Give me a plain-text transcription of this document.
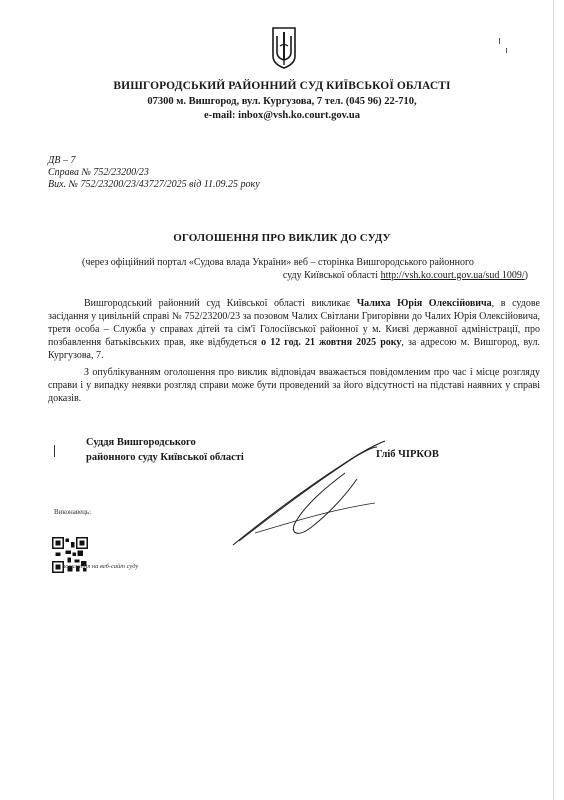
ВИШГОРОДСЬКИЙ РАЙОННИЙ СУД КИЇВСЬКОЇ ОБЛАСТІ
07300 м. Вишгород, вул. Кургузова, 7 тел. (045 96) 22-710,
e-mail: inbox@vsh.ko.court.gov.ua
ДВ – 7
Справа № 752/23200/23
Вих. № 752/23200/23/43727/2025 від 11.09.25 року
ОГОЛОШЕННЯ ПРО ВИКЛИК ДО СУДУ
(через офіційний портал «Судова влада України» веб – сторінка Вишгородського районного
суду Київської області http://vsh.ko.court.gov.ua/sud 1009/)
Вишгородський районний суд Київської області викликає Чалиха Юрія Олексійовича, в судове засідання у цивільній справі № 752/23200/23 за позовом Чалих Світлани Григорівни до Чалих Юрія Олексійовича, третя особа – Служба у справах дітей та сім'ї Голосіївської районної у м. Києві державної адміністрації, про позбавлення батьківських прав, яке відбудеться о 12 год. 21 жовтня 2025 року, за адресою м. Вишгород, вул. Кургузова, 7.
З опублікуванням оголошення про виклик відповідач вважається повідомленим про час і місце розгляду справи і у випадку неявки розгляд справи може бути проведений за його відсутності на підставі наявних у справі доказів.
Суддя Вишгородського
районного суду Київської області	Гліб ЧІРКОВ
Виконавець:
посилання на веб-сайт суду
